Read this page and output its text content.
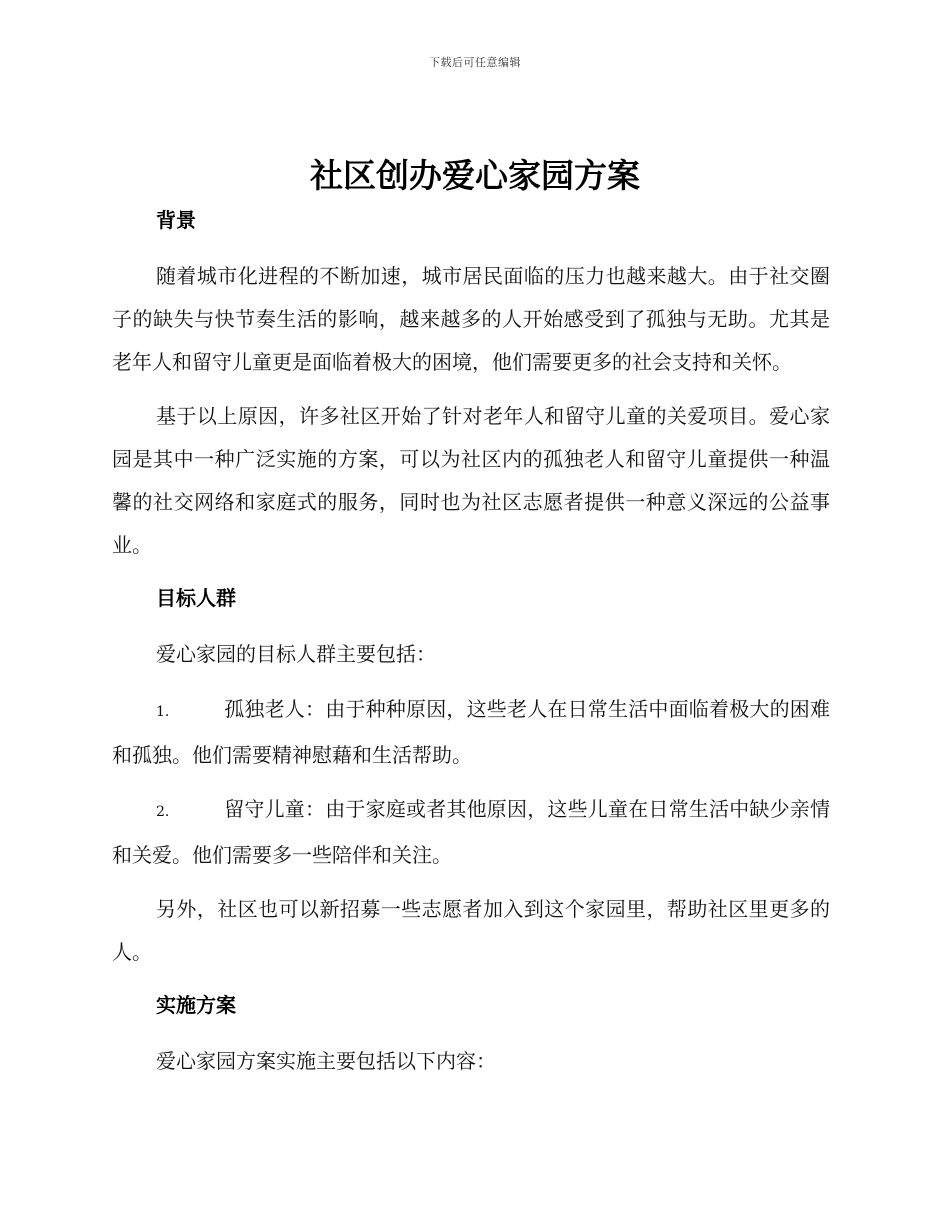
下载后可任意编辑
社区创办爱心家园方案
背景

随着城市化进程的不断加速，城市居民面临的压力也越来越大。由于社交圈子的缺失与快节奏生活的影响，越来越多的人开始感受到了孤独与无助。尤其是老年人和留守儿童更是面临着极大的困境，他们需要更多的社会支持和关怀。

基于以上原因，许多社区开始了针对老年人和留守儿童的关爱项目。爱心家园是其中一种广泛实施的方案，可以为社区内的孤独老人和留守儿童提供一种温馨的社交网络和家庭式的服务，同时也为社区志愿者提供一种意义深远的公益事业。

目标人群

爱心家园的目标人群主要包括：

1.	孤独老人：由于种种原因，这些老人在日常生活中面临着极大的困难和孤独。他们需要精神慰藉和生活帮助。
2.	留守儿童：由于家庭或者其他原因，这些儿童在日常生活中缺少亲情和关爱。他们需要多一些陪伴和关注。

另外，社区也可以新招募一些志愿者加入到这个家园里，帮助社区里更多的人。

实施方案

爱心家园方案实施主要包括以下内容：
